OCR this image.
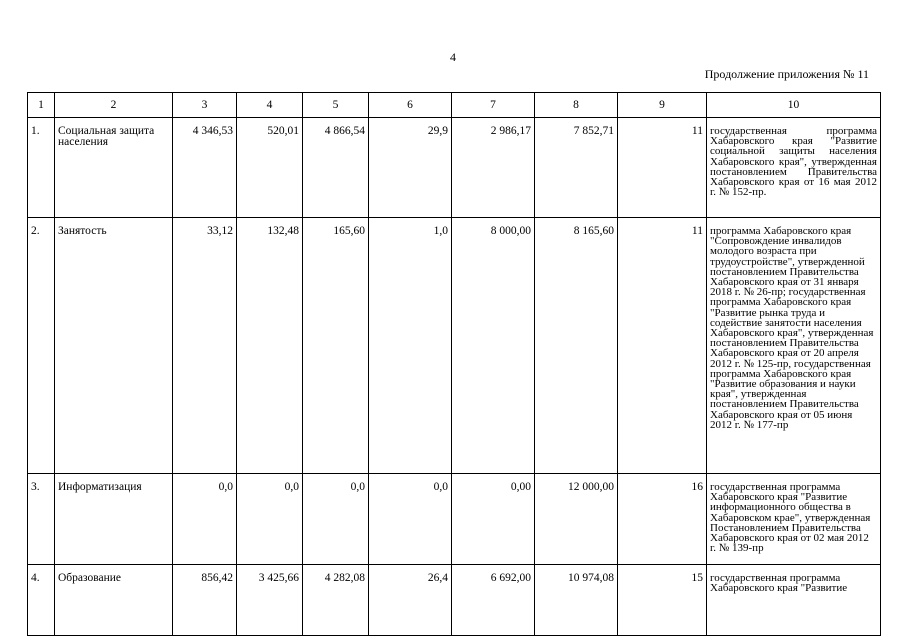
4
Продолжение приложения № 11
1	2	3	4	5	6	7	8	9	10
1.	Социальная защита населения	4 346,53	520,01	4 866,54	29,9	2 986,17	7 852,71	11	государственная программа Хабаровского края "Развитие социальной защиты населения Хабаровского края", утвержденная постановлением Правительства Хабаровского края от 16 мая 2012 г. № 152-пр.
2.	Занятость	33,12	132,48	165,60	1,0	8 000,00	8 165,60	11	программа Хабаровского края "Сопровождение инвалидов молодого возраста при трудоустройстве", утвержденной постановлением Правительства Хабаровского края от 31 января 2018 г. № 26-пр; государственная программа Хабаровского края "Развитие рынка труда и содействие занятости населения Хабаровского края", утвержденная постановлением Правительства Хабаровского края от 20 апреля 2012 г. № 125-пр, государственная программа Хабаровского края "Развитие образования и науки края", утвержденная постановлением Правительства Хабаровского края от 05 июня 2012 г. № 177-пр
3.	Информатизация	0,0	0,0	0,0	0,0	0,00	12 000,00	16	государственная программа Хабаровского края "Развитие информационного общества в Хабаровском крае", утвержденная Постановлением Правительства Хабаровского края от 02 мая 2012 г. № 139-пр
4.	Образование	856,42	3 425,66	4 282,08	26,4	6 692,00	10 974,08	15	государственная программа Хабаровского края "Развитие
